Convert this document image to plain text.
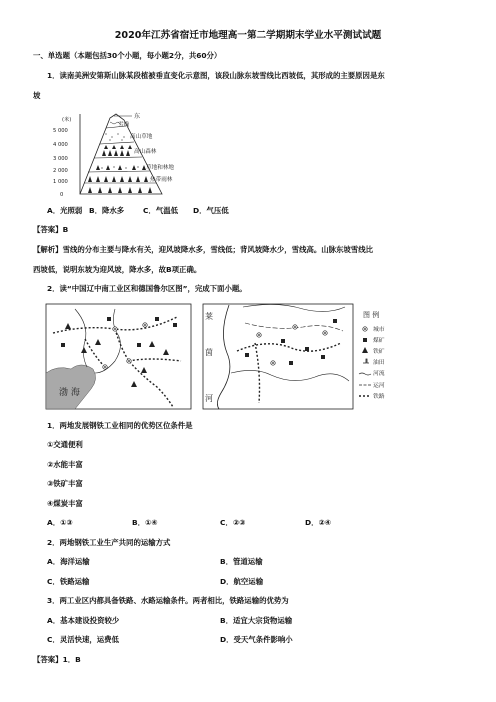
2020年江苏省宿迁市地理高一第二学期期末学业水平测试试题
一、单选题（本题包括30个小题，每小题2分，共60分）
1．读南美洲安第斯山脉某段植被垂直变化示意图，该段山脉东坡雪线比西坡低，其形成的主要原因是东
坡
(米)
5 000
4 000
3 000
2 000
1 000
0
东
雪线
高山草地
高山森林
草地和林地
热带雨林
A．光照弱 B．降水多	C．气温低 D．气压低
【答案】B
【解析】雪线的分布主要与降水有关，迎风坡降水多，雪线低；背风坡降水少，雪线高。山脉东坡雪线比
西坡低，说明东坡为迎风坡，降水多，故B项正确。
2．读“中国辽中南工业区和德国鲁尔区图”，完成下面小题。
渤 海
莱
茵
河
图 例
城市
煤矿
铁矿
油田
河流
运河
铁路
1．两地发展钢铁工业相同的优势区位条件是
①交通便利
②水能丰富
③铁矿丰富
④煤炭丰富
A．①③	B．①④	C．②③	D．②④
2．两地钢铁工业生产共同的运输方式
A．海洋运输	B．管道运输
C．铁路运输	D．航空运输
3．两工业区内都具备铁路、水路运输条件。两者相比，铁路运输的优势为
A．基本建设投资较少	B．适宜大宗货物运输
C．灵活快速，运费低	D．受天气条件影响小
【答案】1．B
